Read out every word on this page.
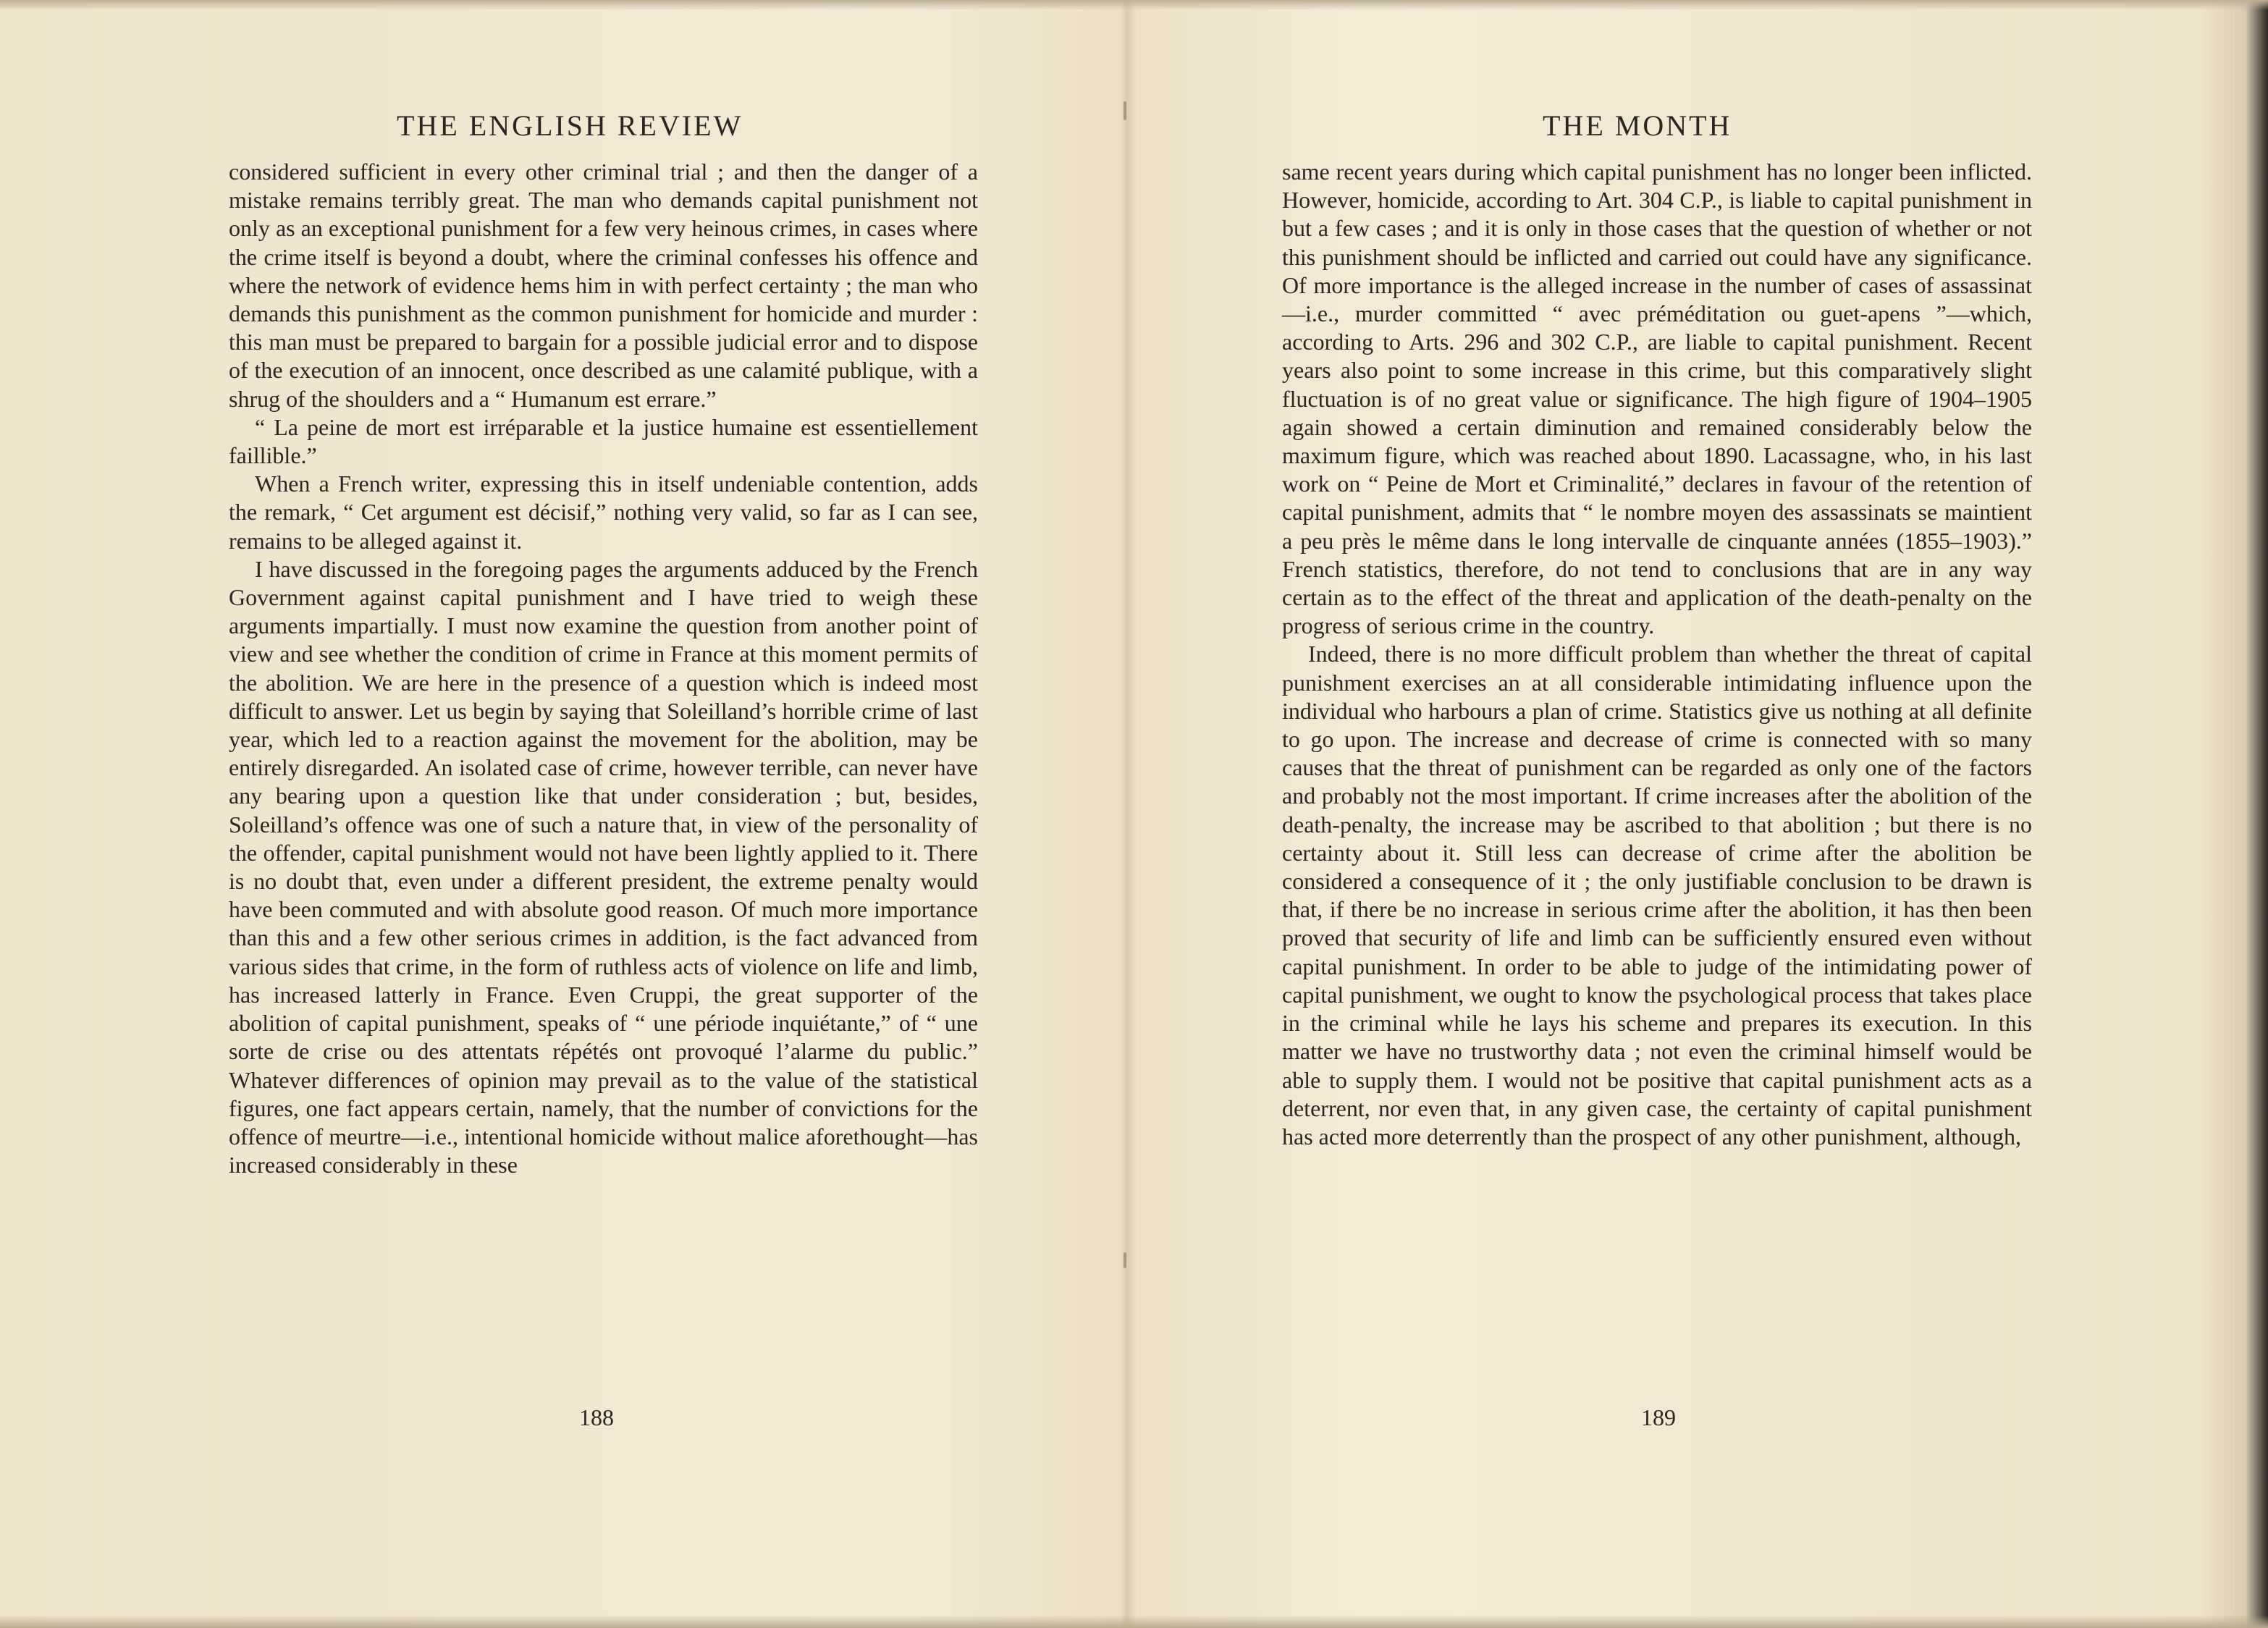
THE ENGLISH REVIEW

considered sufficient in every other criminal trial ; and then the danger of a mistake remains terribly great. The man who demands capital punishment not only as an exceptional punishment for a few very heinous crimes, in cases where the crime itself is beyond a doubt, where the criminal confesses his offence and where the network of evidence hems him in with perfect certainty ; the man who demands this punishment as the common punishment for homicide and murder : this man must be prepared to bargain for a possible judicial error and to dispose of the execution of an innocent, once described as une calamité publique, with a shrug of the shoulders and a “ Humanum est errare.”

“ La peine de mort est irréparable et la justice humaine est essentiellement faillible.”

When a French writer, expressing this in itself undeniable contention, adds the remark, “ Cet argument est décisif,” nothing very valid, so far as I can see, remains to be alleged against it.

I have discussed in the foregoing pages the arguments adduced by the French Government against capital punishment and I have tried to weigh these arguments impartially. I must now examine the question from another point of view and see whether the condition of crime in France at this moment permits of the abolition. We are here in the presence of a question which is indeed most difficult to answer. Let us begin by saying that Soleilland’s horrible crime of last year, which led to a reaction against the movement for the abolition, may be entirely disregarded. An isolated case of crime, however terrible, can never have any bearing upon a question like that under consideration ; but, besides, Soleilland’s offence was one of such a nature that, in view of the personality of the offender, capital punishment would not have been lightly applied to it. There is no doubt that, even under a different president, the extreme penalty would have been commuted and with absolute good reason. Of much more importance than this and a few other serious crimes in addition, is the fact advanced from various sides that crime, in the form of ruthless acts of violence on life and limb, has increased latterly in France. Even Cruppi, the great supporter of the abolition of capital punishment, speaks of “ une période inquiétante,” of “ une sorte de crise ou des attentats répétés ont provoqué l’alarme du public.” Whatever differences of opinion may prevail as to the value of the statistical figures, one fact appears certain, namely, that the number of convictions for the offence of meurtre—i.e., intentional homicide without malice aforethought—has increased considerably in these

188
THE MONTH

same recent years during which capital punishment has no longer been inflicted. However, homicide, according to Art. 304 C.P., is liable to capital punishment in but a few cases ; and it is only in those cases that the question of whether or not this punishment should be inflicted and carried out could have any significance. Of more importance is the alleged increase in the number of cases of assassinat—i.e., murder committed “ avec préméditation ou guet-apens ”—which, according to Arts. 296 and 302 C.P., are liable to capital punishment. Recent years also point to some increase in this crime, but this comparatively slight fluctuation is of no great value or significance. The high figure of 1904–1905 again showed a certain diminution and remained considerably below the maximum figure, which was reached about 1890. Lacassagne, who, in his last work on “ Peine de Mort et Criminalité,” declares in favour of the retention of capital punishment, admits that “ le nombre moyen des assassinats se maintient a peu près le même dans le long intervalle de cinquante années (1855–1903).” French statistics, therefore, do not tend to conclusions that are in any way certain as to the effect of the threat and application of the death-penalty on the progress of serious crime in the country.

Indeed, there is no more difficult problem than whether the threat of capital punishment exercises an at all considerable intimidating influence upon the individual who harbours a plan of crime. Statistics give us nothing at all definite to go upon. The increase and decrease of crime is connected with so many causes that the threat of punishment can be regarded as only one of the factors and probably not the most important. If crime increases after the abolition of the death-penalty, the increase may be ascribed to that abolition ; but there is no certainty about it. Still less can decrease of crime after the abolition be considered a consequence of it ; the only justifiable conclusion to be drawn is that, if there be no increase in serious crime after the abolition, it has then been proved that security of life and limb can be sufficiently ensured even without capital punishment. In order to be able to judge of the intimidating power of capital punishment, we ought to know the psychological process that takes place in the criminal while he lays his scheme and prepares its execution. In this matter we have no trustworthy data ; not even the criminal himself would be able to supply them. I would not be positive that capital punishment acts as a deterrent, nor even that, in any given case, the certainty of capital punishment has acted more deterrently than the prospect of any other punishment, although,

189
